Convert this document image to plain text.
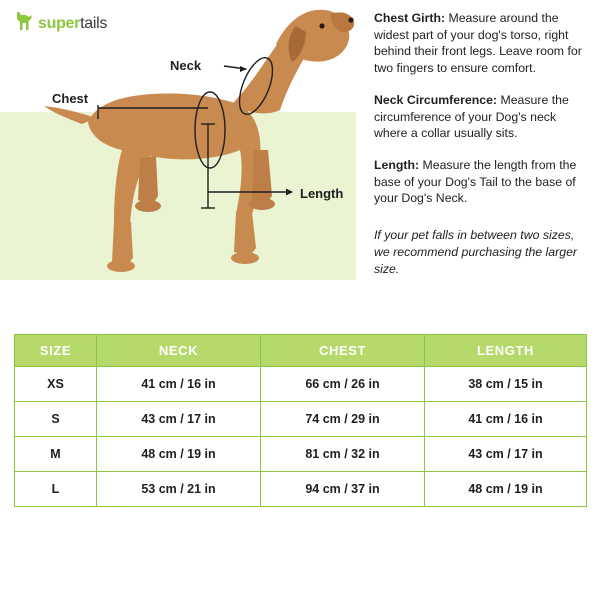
supertails
Neck
Chest
Length

Chest Girth: Measure around the widest part of your dog's torso, right behind their front legs. Leave room for two fingers to ensure comfort.

Neck Circumference: Measure the circumference of your Dog's neck where a collar usually sits.

Length: Measure the length from the base of your Dog's Tail to the base of your Dog's Neck.

If your pet falls in between two sizes, we recommend purchasing the larger size.

SIZE	NECK	CHEST	LENGTH
XS	41 cm / 16 in	66 cm / 26 in	38 cm / 15 in
S	43 cm / 17 in	74 cm / 29 in	41 cm / 16 in
M	48 cm / 19 in	81 cm / 32 in	43 cm / 17 in
L	53 cm / 21 in	94 cm / 37 in	48 cm / 19 in
